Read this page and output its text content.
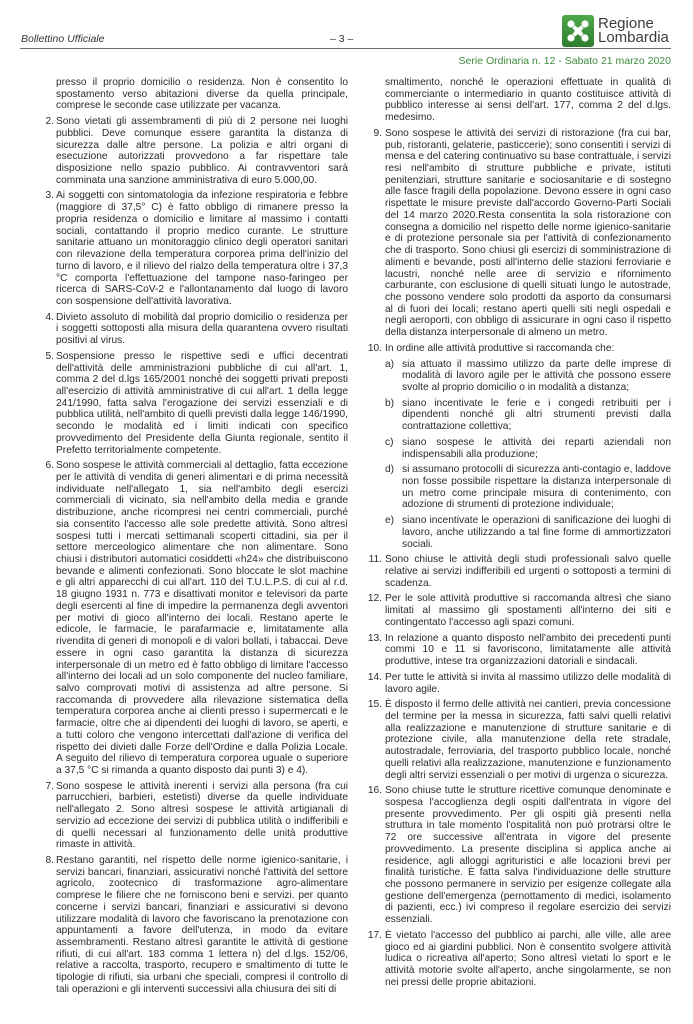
Bollettino Ufficiale	– 3 –
Regione
Lombardia
Serie Ordinaria n. 12 - Sabato 21 marzo 2020

presso il proprio domicilio o residenza. Non è consentito lo spostamento verso abitazioni diverse da quella principale, comprese le seconde case utilizzate per vacanza.

2. Sono vietati gli assembramenti di più di 2 persone nei luoghi pubblici. Deve comunque essere garantita la distanza di sicurezza dalle altre persone. La polizia e altri organi di esecuzione autorizzati provvedono a far rispettare tale disposizione nello spazio pubblico. Ai contravventori sarà comminata una sanzione amministrativa di euro 5.000,00.

3. Ai soggetti con sintomatologia da infezione respiratoria e febbre (maggiore di 37,5° C) è fatto obbligo di rimanere presso la propria residenza o domicilio e limitare al massimo i contatti sociali, contattando il proprio medico curante. Le strutture sanitarie attuano un monitoraggio clinico degli operatori sanitari con rilevazione della temperatura corporea prima dell'inizio del turno di lavoro, e il rilievo del rialzo della temperatura oltre i 37,3 °C comporta l'effettuazione del tampone naso-faringeo per ricerca di SARS-CoV-2 e l'allontanamento dal luogo di lavoro con sospensione dell'attività lavorativa.

4. Divieto assoluto di mobilità dal proprio domicilio o residenza per i soggetti sottoposti alla misura della quarantena ovvero risultati positivi al virus.

5. Sospensione presso le rispettive sedi e uffici decentrati dell'attività delle amministrazioni pubbliche di cui all'art. 1, comma 2 del d.lgs 165/2001 nonché dei soggetti privati preposti all'esercizio di attività amministrative di cui all'art. 1 della legge 241/1990, fatta salva l'erogazione dei servizi essenziali e di pubblica utilità, nell'ambito di quelli previsti dalla legge 146/1990, secondo le modalità ed i limiti indicati con specifico provvedimento del Presidente della Giunta regionale, sentito il Prefetto territorialmente competente.

6. Sono sospese le attività commerciali al dettaglio, fatta eccezione per le attività di vendita di generi alimentari e di prima necessità individuate nell'allegato 1, sia nell'ambito degli esercizi commerciali di vicinato, sia nell'ambito della media e grande distribuzione, anche ricompresi nei centri commerciali, purché sia consentito l'accesso alle sole predette attività. Sono altresì sospesi tutti i mercati settimanali scoperti cittadini, sia per il settore merceologico alimentare che non alimentare. Sono chiusi i distributori automatici cosiddetti «h24» che distribuiscono bevande e alimenti confezionati. Sono bloccate le slot machine e gli altri apparecchi di cui all'art. 110 del T.U.L.P.S. di cui al r.d. 18 giugno 1931 n. 773 e disattivati monitor e televisori da parte degli esercenti al fine di impedire la permanenza degli avventori per motivi di gioco all'interno dei locali. Restano aperte le edicole, le farmacie, le parafarmacie e, limitatamente alla rivendita di generi di monopoli e di valori bollati, i tabaccai. Deve essere in ogni caso garantita la distanza di sicurezza interpersonale di un metro ed è fatto obbligo di limitare l'accesso all'interno dei locali ad un solo componente del nucleo familiare, salvo comprovati motivi di assistenza ad altre persone. Si raccomanda di provvedere alla rilevazione sistematica della temperatura corporea anche ai clienti presso i supermercati e le farmacie, oltre che ai dipendenti dei luoghi di lavoro, se aperti, e a tutti coloro che vengono intercettati dall'azione di verifica del rispetto dei divieti dalle Forze dell'Ordine e dalla Polizia Locale. A seguito del rilievo di temperatura corporea uguale o superiore a 37,5 °C si rimanda a quanto disposto dai punti 3) e 4).

7. Sono sospese le attività inerenti i servizi alla persona (fra cui parrucchieri, barbieri, estetisti) diverse da quelle individuate nell'allegato 2. Sono altresì sospese le attività artigianali di servizio ad eccezione dei servizi di pubblica utilità o indifferibili e di quelli necessari al funzionamento delle unità produttive rimaste in attività.

8. Restano garantiti, nel rispetto delle norme igienico-sanitarie, i servizi bancari, finanziari, assicurativi nonché l'attività del settore agricolo, zootecnico di trasformazione agro-alimentare comprese le filiere che ne forniscono beni e servizi. per quanto concerne i servizi bancari, finanziari e assicurativi si devono utilizzare modalità di lavoro che favoriscano la prenotazione con appuntamenti a favore dell'utenza, in modo da evitare assembramenti. Restano altresì garantite le attività di gestione rifiuti, di cui all'art. 183 comma 1 lettera n) del d.lgs. 152/06, relative a raccolta, trasporto, recupero e smaltimento di tutte le tipologie di rifiuti, sia urbani che speciali, compresi il controllo di tali operazioni e gli interventi successivi alla chiusura dei siti di

smaltimento, nonché le operazioni effettuate in qualità di commerciante o intermediario in quanto costituisce attività di pubblico interesse ai sensi dell'art. 177, comma 2 del d.lgs. medesimo.

9. Sono sospese le attività dei servizi di ristorazione (fra cui bar, pub, ristoranti, gelaterie, pasticcerie); sono consentiti i servizi di mensa e del catering continuativo su base contrattuale, i servizi resi nell'ambito di strutture pubbliche e private, istituti penitenziari, strutture sanitarie e sociosanitarie e di sostegno alle fasce fragili della popolazione. Devono essere in ogni caso rispettate le misure previste dall'accordo Governo-Parti Sociali del 14 marzo 2020.Resta consentita la sola ristorazione con consegna a domicilio nel rispetto delle norme igienico-sanitarie e di protezione personale sia per l'attività di confezionamento che di trasporto. Sono chiusi gli esercizi di somministrazione di alimenti e bevande, posti all'interno delle stazioni ferroviarie e lacustri, nonché nelle aree di servizio e rifornimento carburante, con esclusione di quelli situati lungo le autostrade, che possono vendere solo prodotti da asporto da consumarsi al di fuori dei locali; restano aperti quelli siti negli ospedali e negli aeroporti, con obbligo di assicurare in ogni caso il rispetto della distanza interpersonale di almeno un metro.

10. In ordine alle attività produttive si raccomanda che:

a) sia attuato il massimo utilizzo da parte delle imprese di modalità di lavoro agile per le attività che possono essere svolte al proprio domicilio o in modalità a distanza;

b) siano incentivate le ferie e i congedi retribuiti per i dipendenti nonché gli altri strumenti previsti dalla contrattazione collettiva;

c) siano sospese le attività dei reparti aziendali non indispensabili alla produzione;

d) si assumano protocolli di sicurezza anti-contagio e, laddove non fosse possibile rispettare la distanza interpersonale di un metro come principale misura di contenimento, con adozione di strumenti di protezione individuale;

e) siano incentivate le operazioni di sanificazione dei luoghi di lavoro, anche utilizzando a tal fine forme di ammortizzatori sociali.

11. Sono chiuse le attività degli studi professionali salvo quelle relative ai servizi indifferibili ed urgenti o sottoposti a termini di scadenza.

12. Per le sole attività produttive si raccomanda altresì che siano limitati al massimo gli spostamenti all'interno dei siti e contingentato l'accesso agli spazi comuni.

13. In relazione a quanto disposto nell'ambito dei precedenti punti commi 10 e 11 si favoriscono, limitatamente alle attività produttive, intese tra organizzazioni datoriali e sindacali.

14. Per tutte le attività si invita al massimo utilizzo delle modalità di lavoro agile.

15. È disposto il fermo delle attività nei cantieri, previa concessione del termine per la messa in sicurezza, fatti salvi quelli relativi alla realizzazione e manutenzione di strutture sanitarie e di protezione civile, alla manutenzione della rete stradale, autostradale, ferroviaria, del trasporto pubblico locale, nonché quelli relativi alla realizzazione, manutenzione e funzionamento degli altri servizi essenziali o per motivi di urgenza o sicurezza.

16. Sono chiuse tutte le strutture ricettive comunque denominate e sospesa l'accoglienza degli ospiti dall'entrata in vigore del presente provvedimento. Per gli ospiti già presenti nella struttura in tale momento l'ospitalità non può protrarsi oltre le 72 ore successive all'entrata in vigore del presente provvedimento. La presente disciplina si applica anche ai residence, agli alloggi agrituristici e alle locazioni brevi per finalità turistiche. È fatta salva l'individuazione delle strutture che possono permanere in servizio per esigenze collegate alla gestione dell'emergenza (pernottamento di medici, isolamento di pazienti, ecc.) ivi compreso il regolare esercizio dei servizi essenziali.

17. È vietato l'accesso del pubblico ai parchi, alle ville, alle aree gioco ed ai giardini pubblici. Non è consentito svolgere attività ludica o ricreativa all'aperto; Sono altresì vietati lo sport e le attività motorie svolte all'aperto, anche singolarmente, se non nei pressi delle proprie abitazioni.
